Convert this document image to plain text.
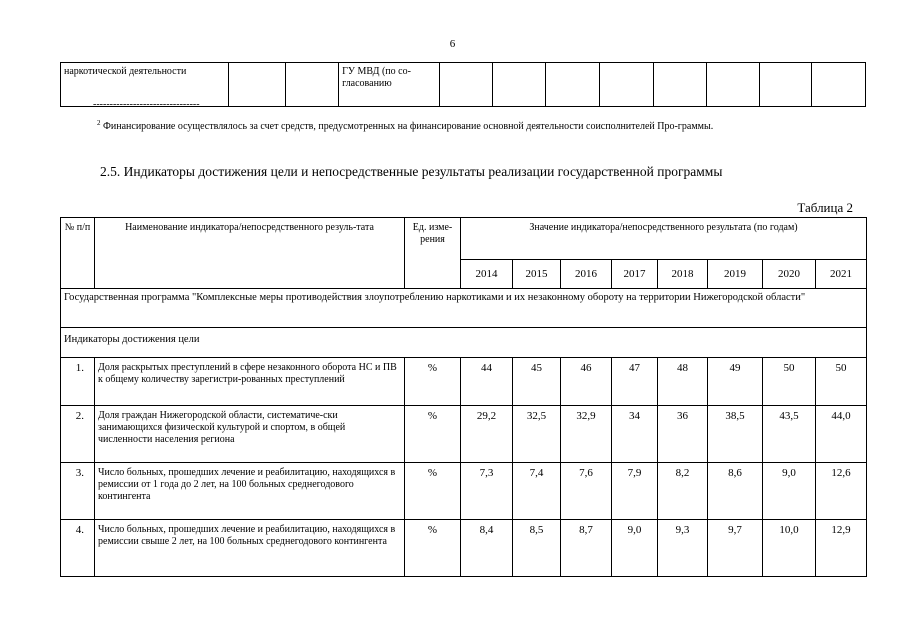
6
наркотической деятельности			ГУ МВД (по со-гласованию								
--------------------------------
$^2$ Финансирование осуществлялось за счет средств, предусмотренных на финансирование основной деятельности соисполнителей Про-граммы.
2.5. Индикаторы достижения цели и непосредственные результаты реализации государственной программы
Таблица 2
№ п/п	Наименование индикатора/непосредственного резуль-тата	Ед. изме-рения	Значение индикатора/непосредственного результата (по годам)							
			2014	2015	2016	2017	2018	2019	2020	2021
Государственная программа "Комплексные меры противодействия злоупотреблению наркотиками и их незаконному обороту на территории Нижегородской области"										
Индикаторы достижения цели										
1.	Доля раскрытых преступлений в сфере незаконного оборота НС и ПВ к общему количеству зарегистри-рованных преступлений	%	44	45	46	47	48	49	50	50
2.	Доля граждан Нижегородской области, систематиче-ски занимающихся физической культурой и спортом, в общей численности населения региона	%	29,2	32,5	32,9	34	36	38,5	43,5	44,0
3.	Число больных, прошедших лечение и реабилитацию, находящихся в ремиссии от 1 года до 2 лет, на 100 больных среднегодового контингента	%	7,3	7,4	7,6	7,9	8,2	8,6	9,0	12,6
4.	Число больных, прошедших лечение и реабилитацию, находящихся в ремиссии свыше 2 лет, на 100 больных среднегодового контингента	%	8,4	8,5	8,7	9,0	9,3	9,7	10,0	12,9
